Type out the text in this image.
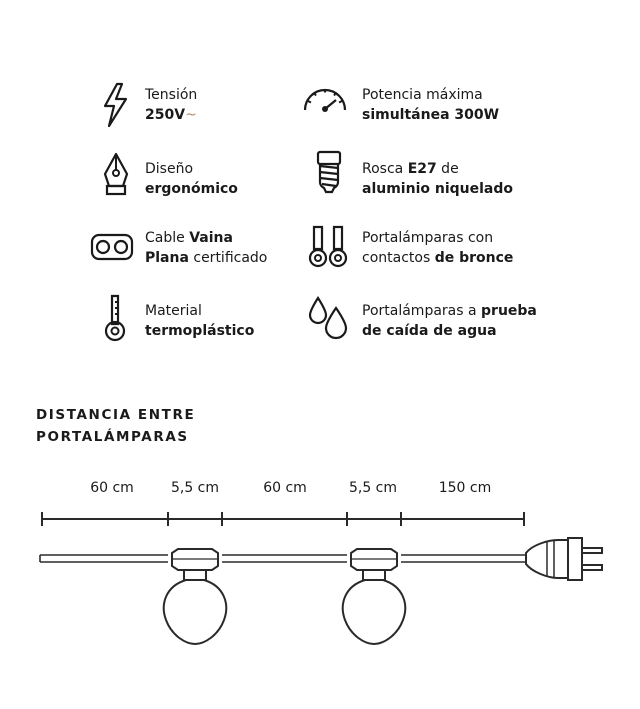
Tensión
250V~
Potencia máxima
simultánea 300W
Diseño
ergonómico
Rosca E27 de
aluminio niquelado
Cable Vaina
Plana certificado
Portalámparas con
contactos de bronce
Material
termoplástico
Portalámparas a prueba
de caída de agua
DISTANCIA ENTRE
PORTALÁMPARAS
60 cm	5,5 cm	60 cm	5,5 cm	150 cm
